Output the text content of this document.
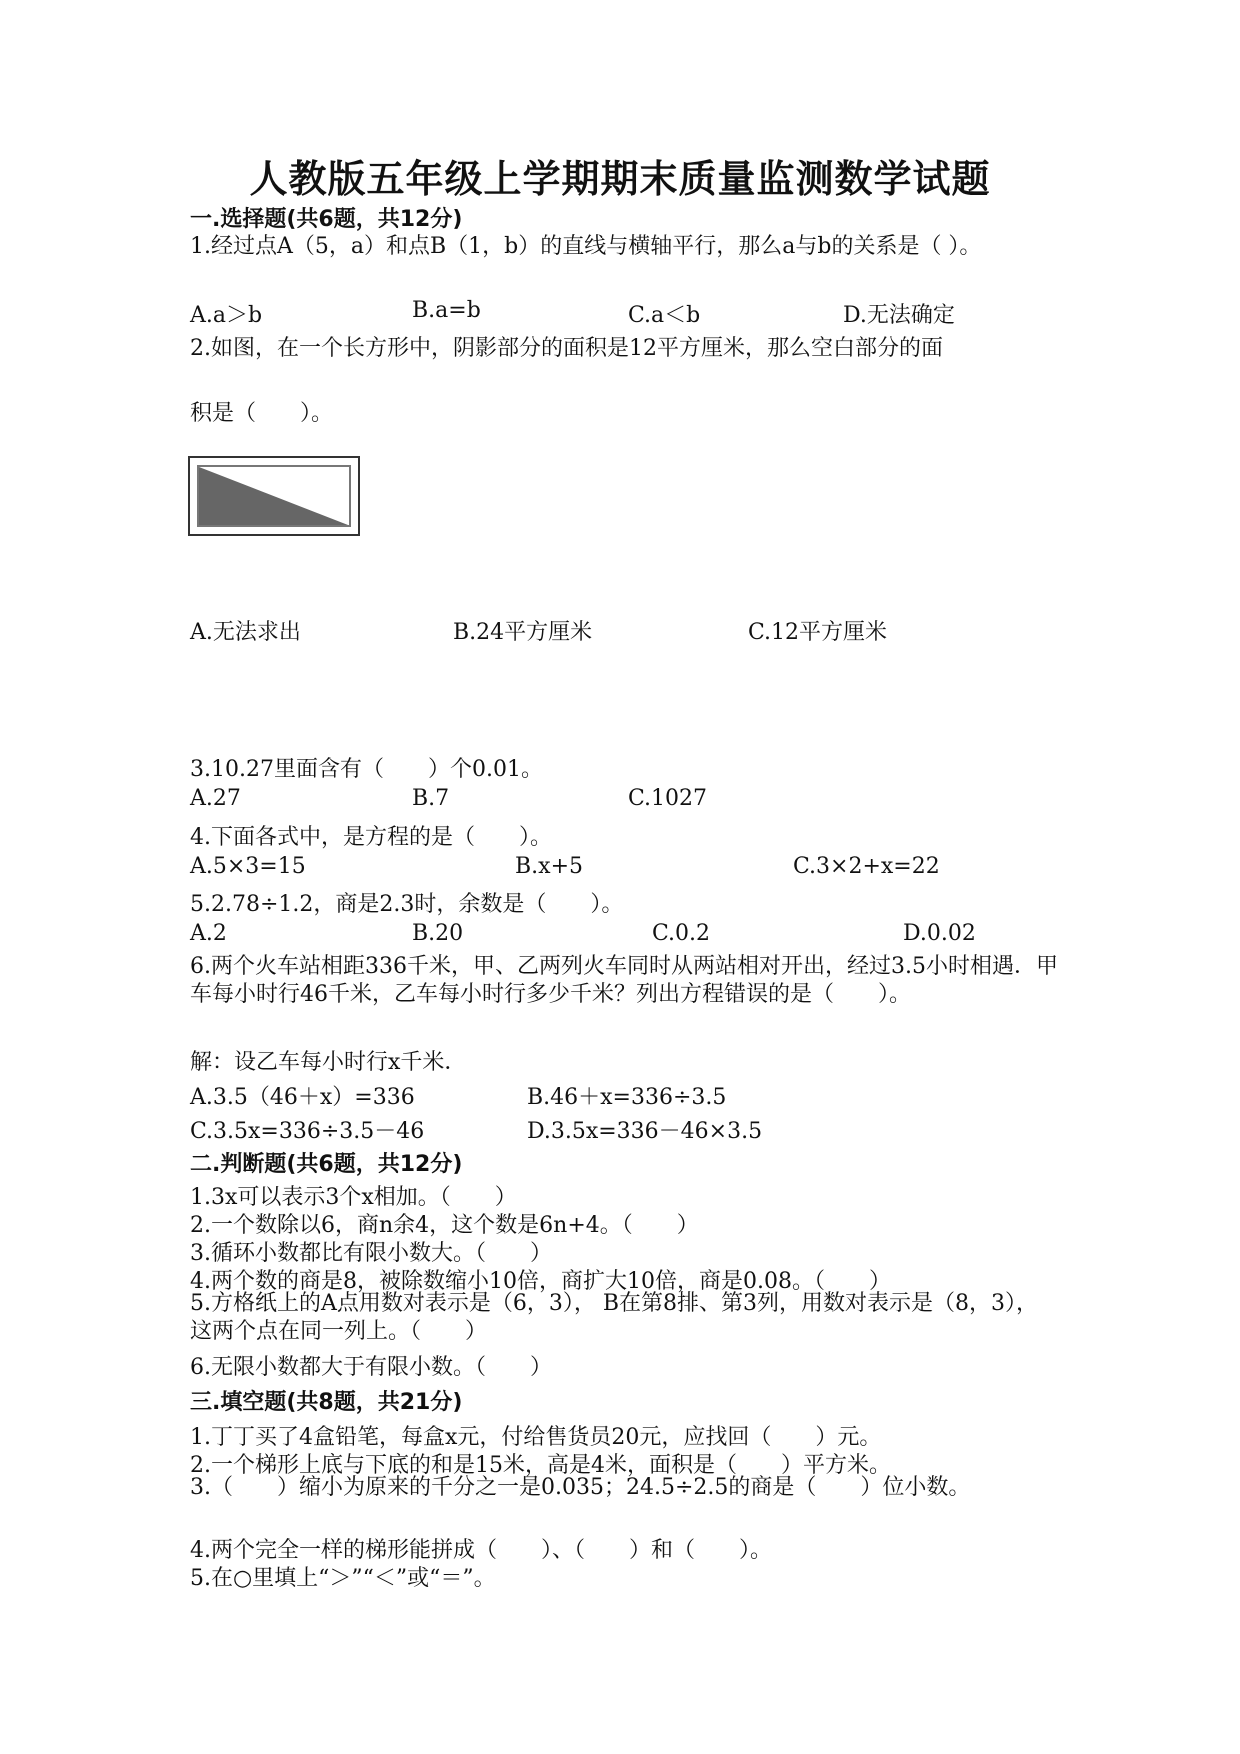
人教版五年级上学期期末质量监测数学试题
一.选择题(共6题，共12分)
1.经过点A（5，a）和点B（1，b）的直线与横轴平行，那么a与b的关系是（ ）。
A.a＞b	B.a=b	C.a＜b	D.无法确定
2.如图，在一个长方形中，阴影部分的面积是12平方厘米，那么空白部分的面
积是（　　）。
A.无法求出	B.24平方厘米	C.12平方厘米
3.10.27里面含有（　　）个0.01。
A.27	B.7	C.1027
4.下面各式中，是方程的是（　　）。
A.5×3=15	B.x+5	C.3×2+x=22
5.2.78÷1.2，商是2.3时，余数是（　　）。
A.2	B.20	C.0.2	D.0.02
6.两个火车站相距336千米，甲、乙两列火车同时从两站相对开出，经过3.5小时相遇．甲车每小时行46千米，乙车每小时行多少千米？列出方程错误的是（　　）。
解：设乙车每小时行x千米．
A.3.5（46＋x）=336	B.46＋x=336÷3.5
C.3.5x=336÷3.5－46	D.3.5x=336－46×3.5
二.判断题(共6题，共12分)
1.3x可以表示3个x相加。（　　）
2.一个数除以6，商n余4，这个数是6n+4。（　　）
3.循环小数都比有限小数大。（　　）
4.两个数的商是8，被除数缩小10倍，商扩大10倍，商是0.08。（　　）
5.方格纸上的A点用数对表示是（6，3）， B在第8排、第3列，用数对表示是（8，3），这两个点在同一列上。（　　）
6.无限小数都大于有限小数。（　　）
三.填空题(共8题，共21分)
1.丁丁买了4盒铅笔，每盒x元，付给售货员20元，应找回（　　）元。
2.一个梯形上底与下底的和是15米，高是4米，面积是（　　）平方米。
3.（　　）缩小为原来的千分之一是0.035；24.5÷2.5的商是（　　）位小数。
4.两个完全一样的梯形能拼成（　　）、（　　）和（　　）。
5.在○里填上“＞”“＜”或“＝”。
